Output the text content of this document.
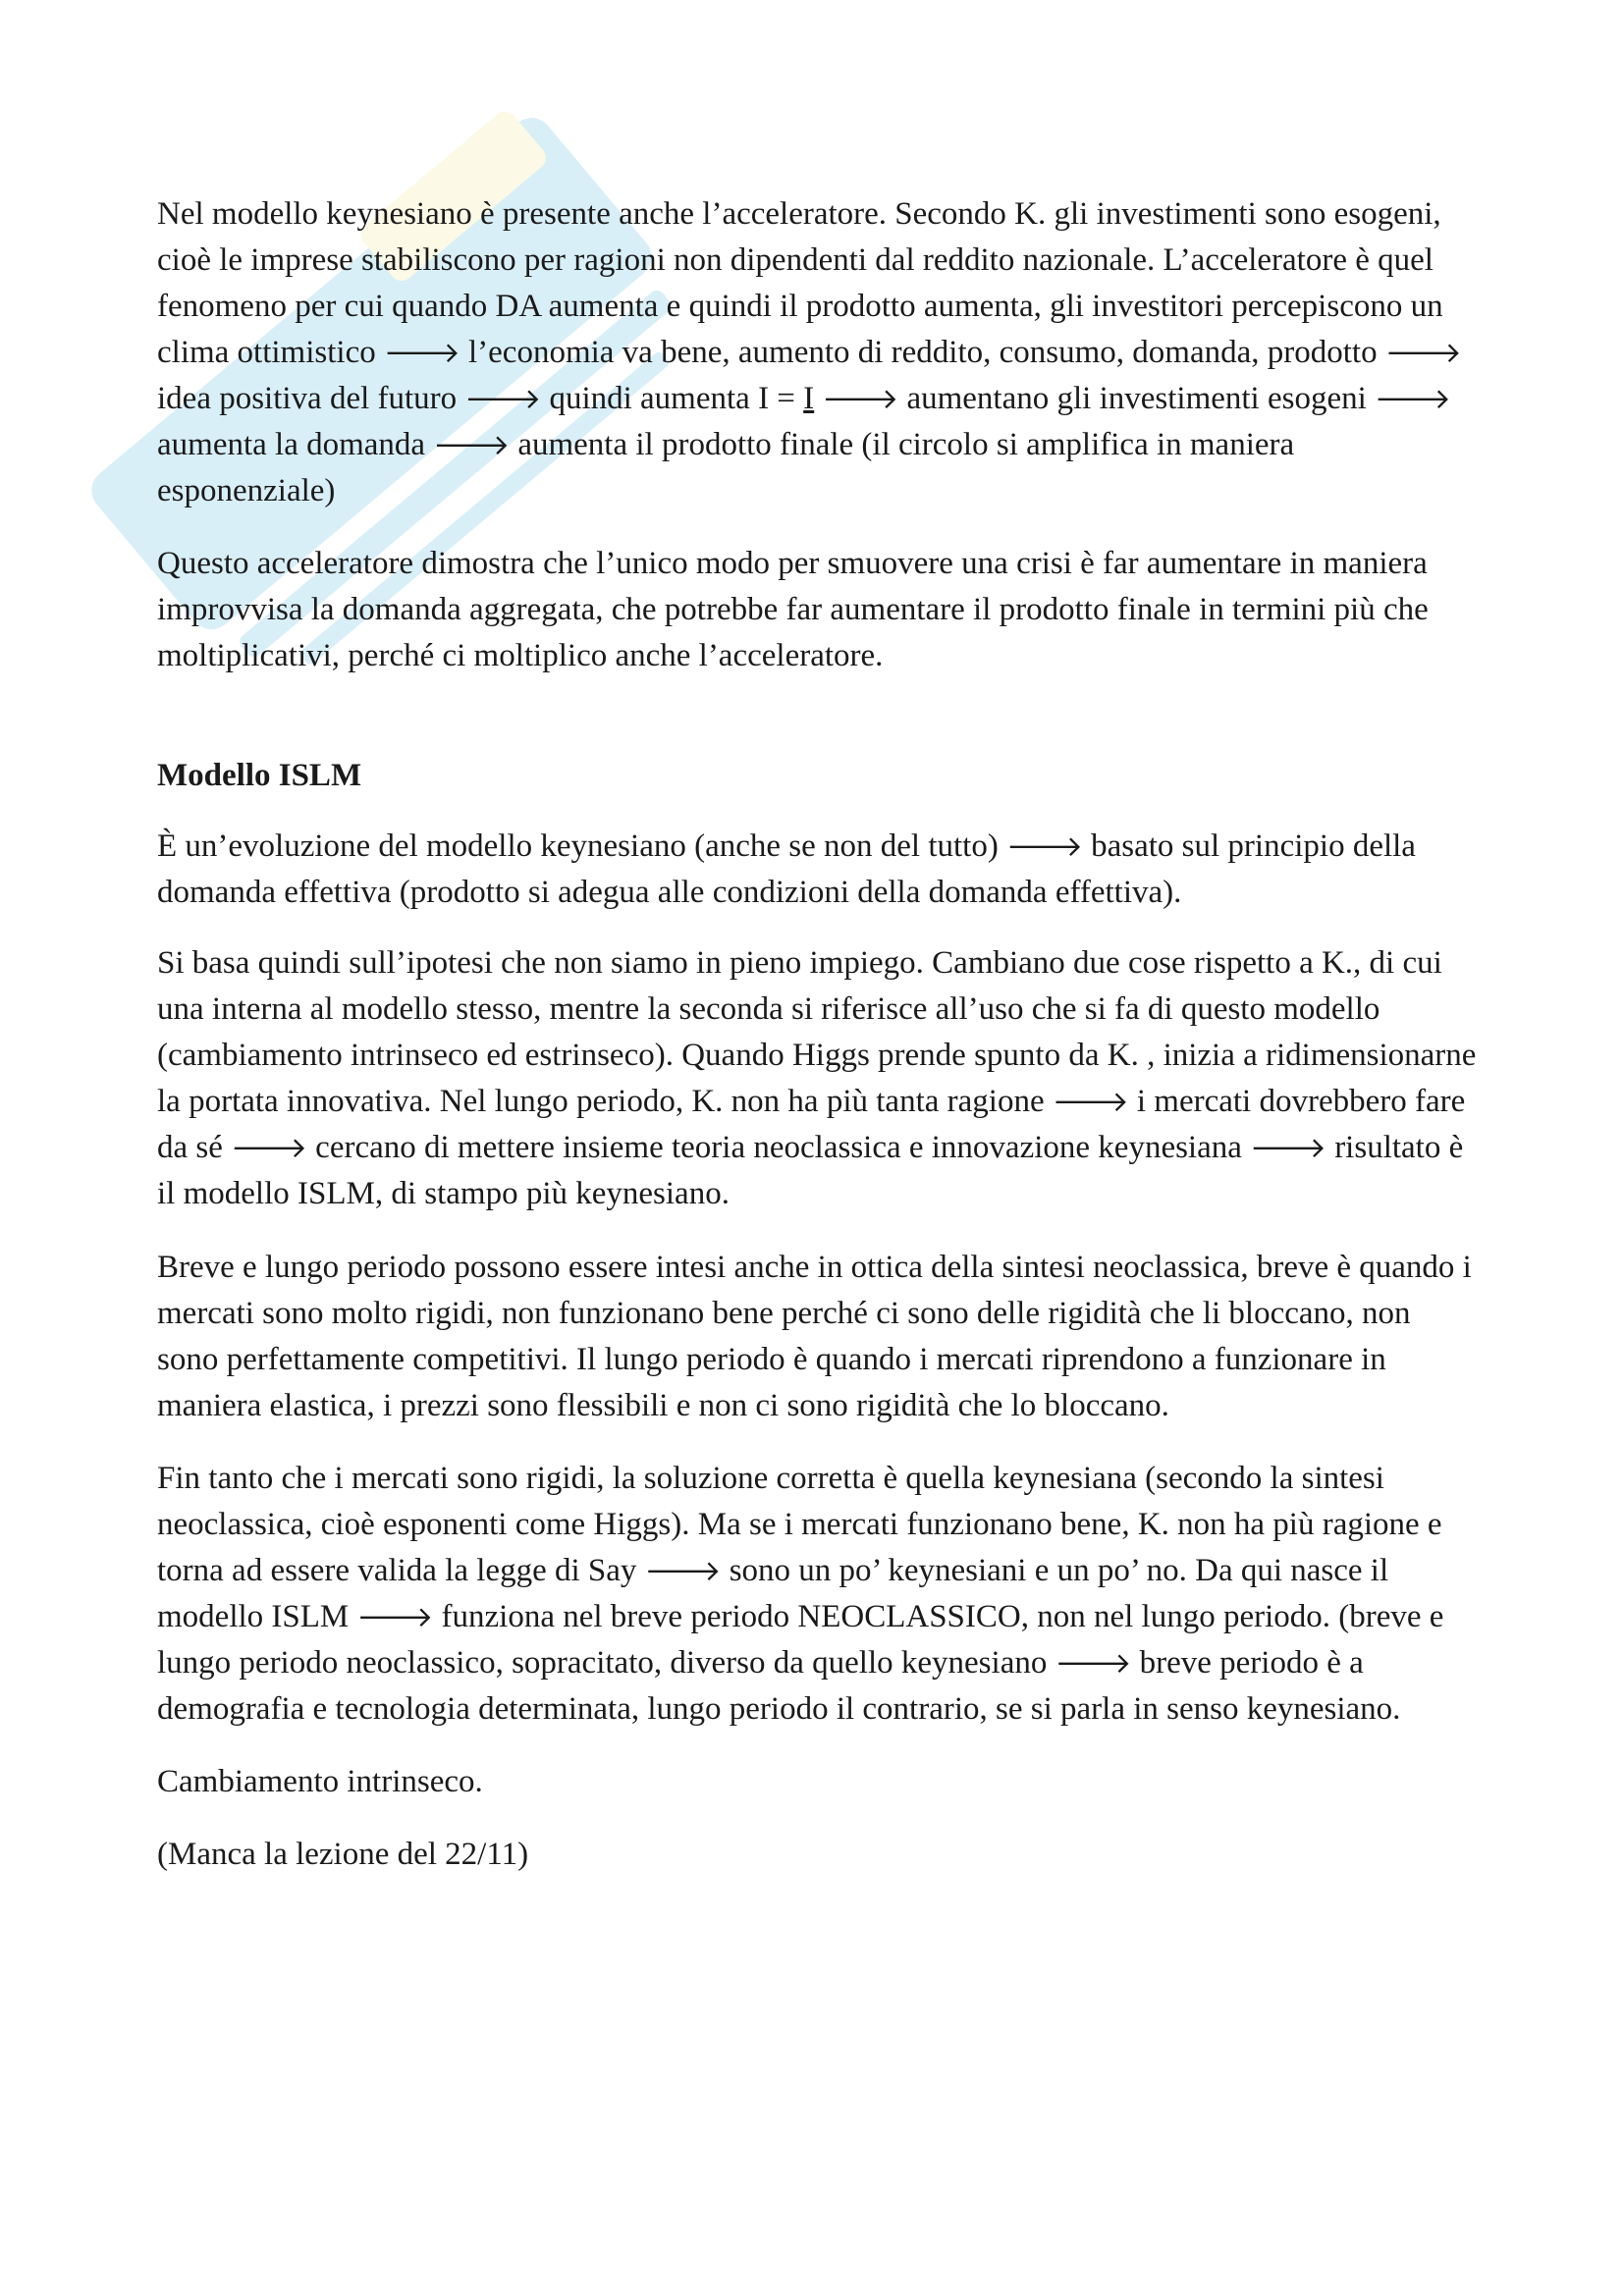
Nel modello keynesiano è presente anche l’acceleratore. Secondo K. gli investimenti sono esogeni, cioè le imprese stabiliscono per ragioni non dipendenti dal reddito nazionale. L’acceleratore è quel fenomeno per cui quando DA aumenta e quindi il prodotto aumenta, gli investitori percepiscono un clima ottimistico 🡒 l’economia va bene, aumento di reddito, consumo, domanda, prodotto 🡒 idea positiva del futuro 🡒 quindi aumenta I = I 🡒 aumentano gli investimenti esogeni 🡒 aumenta la domanda 🡒 aumenta il prodotto finale (il circolo si amplifica in maniera esponenziale)

Questo acceleratore dimostra che l’unico modo per smuovere una crisi è far aumentare in maniera improvvisa la domanda aggregata, che potrebbe far aumentare il prodotto finale in termini più che moltiplicativi, perché ci moltiplico anche l’acceleratore.

Modello ISLM

È un’evoluzione del modello keynesiano (anche se non del tutto) 🡒 basato sul principio della domanda effettiva (prodotto si adegua alle condizioni della domanda effettiva).

Si basa quindi sull’ipotesi che non siamo in pieno impiego. Cambiano due cose rispetto a K., di cui una interna al modello stesso, mentre la seconda si riferisce all’uso che si fa di questo modello (cambiamento intrinseco ed estrinseco). Quando Higgs prende spunto da K. , inizia a ridimensionarne la portata innovativa. Nel lungo periodo, K. non ha più tanta ragione 🡒 i mercati dovrebbero fare da sé 🡒 cercano di mettere insieme teoria neoclassica e innovazione keynesiana 🡒 risultato è il modello ISLM, di stampo più keynesiano.

Breve e lungo periodo possono essere intesi anche in ottica della sintesi neoclassica, breve è quando i mercati sono molto rigidi, non funzionano bene perché ci sono delle rigidità che li bloccano, non sono perfettamente competitivi. Il lungo periodo è quando i mercati riprendono a funzionare in maniera elastica, i prezzi sono flessibili e non ci sono rigidità che lo bloccano.

Fin tanto che i mercati sono rigidi, la soluzione corretta è quella keynesiana (secondo la sintesi neoclassica, cioè esponenti come Higgs). Ma se i mercati funzionano bene, K. non ha più ragione e torna ad essere valida la legge di Say 🡒 sono un po’ keynesiani e un po’ no. Da qui nasce il modello ISLM 🡒 funziona nel breve periodo NEOCLASSICO, non nel lungo periodo. (breve e lungo periodo neoclassico, sopracitato, diverso da quello keynesiano 🡒 breve periodo è a demografia e tecnologia determinata, lungo periodo il contrario, se si parla in senso keynesiano.

Cambiamento intrinseco.

(Manca la lezione del 22/11)
